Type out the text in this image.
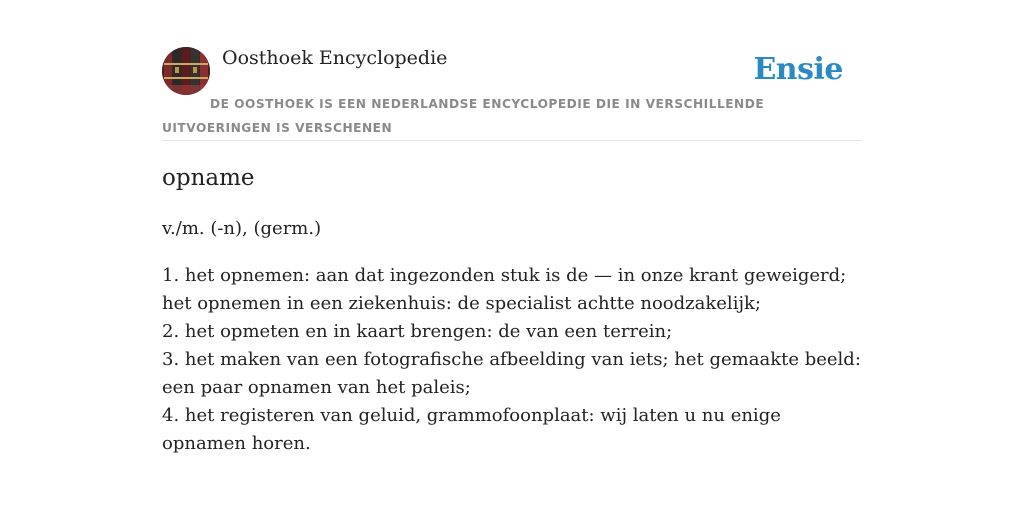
Oosthoek Encyclopedie	Ensie
DE OOSTHOEK IS EEN NEDERLANDSE ENCYCLOPEDIE DIE IN VERSCHILLENDE UITVOERINGEN IS VERSCHENEN
opname

v./m. (-n), (germ.)

1. het opnemen: aan dat ingezonden stuk is de — in onze krant geweigerd; het opnemen in een ziekenhuis: de specialist achtte noodzakelijk;
2. het opmeten en in kaart brengen: de van een terrein;
3. het maken van een fotografische afbeelding van iets; het gemaakte beeld: een paar opnamen van het paleis;
4. het registeren van geluid, grammofoonplaat: wij laten u nu enige opnamen horen.
